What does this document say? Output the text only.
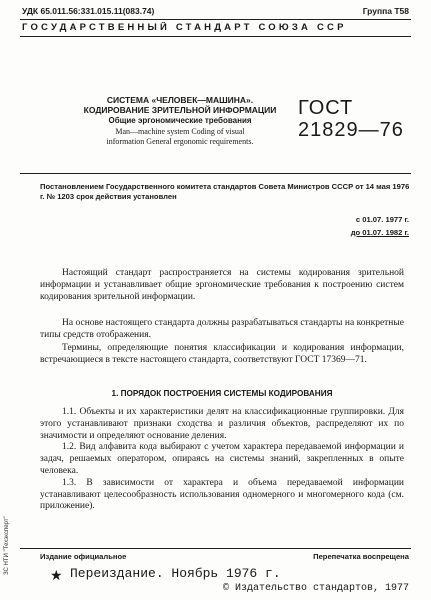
УДК 65.011.56:331.015.11(083.74)	Группа Т58
ГОСУДАРСТВЕННЫЙ СТАНДАРТ СОЮЗА ССР
СИСТЕМА «ЧЕЛОВЕК—МАШИНА».
КОДИРОВАНИЕ ЗРИТЕЛЬНОЙ ИНФОРМАЦИИ
Общие эргономические требования
Man—machine system Coding of visual
information General ergonomic requirements.
ГОСТ
21829—76
Постановлением Государственного комитета стандартов Совета Министров СССР от 14 мая 1976 г. № 1203 срок действия установлен
с 01.07. 1977 г.
до 01.07. 1982 г.

Настоящий стандарт распространяется на системы кодирования зрительной информации и устанавливает общие эргономические требования к построению систем кодирования зрительной информации.

На основе настоящего стандарта должны разрабатываться стандарты на конкретные типы средств отображения.

Термины, определяющие понятия классификации и кодирования информации, встречающиеся в тексте настоящего стандарта, соответствуют ГОСТ 17369—71.

1. ПОРЯДОК ПОСТРОЕНИЯ СИСТЕМЫ КОДИРОВАНИЯ

1.1. Объекты и их характеристики делят на классификационные группировки. Для этого устанавливают признаки сходства и различия объектов, распределяют их по значимости и определяют основание деления.

1.2. Вид алфавита кода выбирают с учетом характера передаваемой информации и задач, решаемых оператором, опираясь на системы знаний, закрепленных в опыте человека.

1.3. В зависимости от характера и объема передаваемой информации устанавливают целесообразность использования одномерного и многомерного кода (см. приложение).

Издание официальное	Перепечатка воспрещена
★ Переиздание. Ноябрь 1976 г.
© Издательство стандартов, 1977
ЗС НТИ "Техэксперт"
